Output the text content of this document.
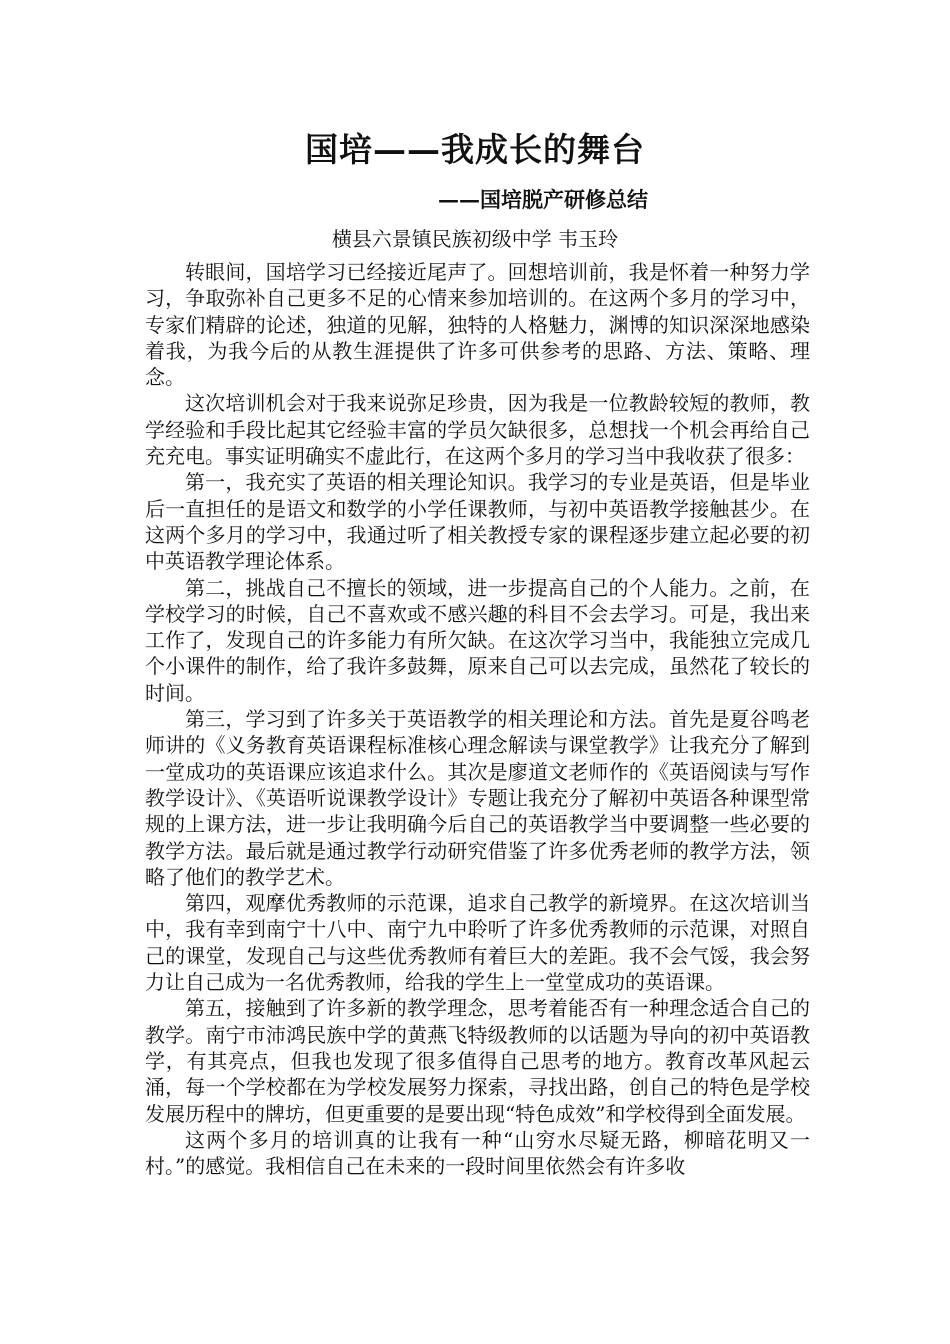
国培——我成长的舞台
——国培脱产研修总结

横县六景镇民族初级中学 韦玉玲

转眼间，国培学习已经接近尾声了。回想培训前，我是怀着一种努力学习，争取弥补自己更多不足的心情来参加培训的。在这两个多月的学习中，专家们精辟的论述，独道的见解，独特的人格魅力，渊博的知识深深地感染着我，为我今后的从教生涯提供了许多可供参考的思路、方法、策略、理念。

这次培训机会对于我来说弥足珍贵，因为我是一位教龄较短的教师，教学经验和手段比起其它经验丰富的学员欠缺很多，总想找一个机会再给自己充充电。事实证明确实不虚此行，在这两个多月的学习当中我收获了很多：

第一，我充实了英语的相关理论知识。我学习的专业是英语，但是毕业后一直担任的是语文和数学的小学任课教师，与初中英语教学接触甚少。在这两个多月的学习中，我通过听了相关教授专家的课程逐步建立起必要的初中英语教学理论体系。

第二，挑战自己不擅长的领域，进一步提高自己的个人能力。之前，在学校学习的时候，自己不喜欢或不感兴趣的科目不会去学习。可是，我出来工作了，发现自己的许多能力有所欠缺。在这次学习当中，我能独立完成几个小课件的制作，给了我许多鼓舞，原来自己可以去完成，虽然花了较长的时间。

第三，学习到了许多关于英语教学的相关理论和方法。首先是夏谷鸣老师讲的《义务教育英语课程标准核心理念解读与课堂教学》让我充分了解到一堂成功的英语课应该追求什么。其次是廖道文老师作的《英语阅读与写作教学设计》、《英语听说课教学设计》专题让我充分了解初中英语各种课型常规的上课方法，进一步让我明确今后自己的英语教学当中要调整一些必要的教学方法。最后就是通过教学行动研究借鉴了许多优秀老师的教学方法，领略了他们的教学艺术。

第四，观摩优秀教师的示范课，追求自己教学的新境界。在这次培训当中，我有幸到南宁十八中、南宁九中聆听了许多优秀教师的示范课，对照自己的课堂，发现自己与这些优秀教师有着巨大的差距。我不会气馁，我会努力让自己成为一名优秀教师，给我的学生上一堂堂成功的英语课。

第五，接触到了许多新的教学理念，思考着能否有一种理念适合自己的教学。南宁市沛鸿民族中学的黄燕飞特级教师的以话题为导向的初中英语教学，有其亮点，但我也发现了很多值得自己思考的地方。教育改革风起云涌，每一个学校都在为学校发展努力探索，寻找出路，创自己的特色是学校发展历程中的牌坊，但更重要的是要出现“特色成效”和学校得到全面发展。

这两个多月的培训真的让我有一种“山穷水尽疑无路，柳暗花明又一村。”的感觉。我相信自己在未来的一段时间里依然会有许多收
